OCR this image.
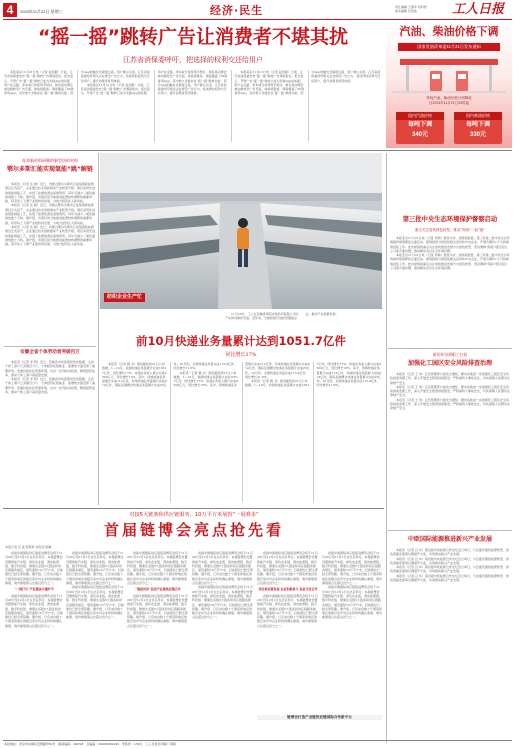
4	2023年11月22日 星期三	经济·民生	责任编辑 王国华 刘钧洲
美术编辑 田浩波	工人日报
“摇一摇”跳转广告让消费者不堪其扰
江苏省消保委呼吁，把选择的权利交还给用户

本报南京11月21日电（记者 赵剑影）日前，江苏省消保委发布“摇一摇”跳转广告调查报告。报告显示，开屏广告“摇一摇”跳转已成为多数App的标配，用户在走路、乘车或日常使用手机时，稍有晃动便会被动跳转至广告页面，体验感极差。调查覆盖了60款常用App，其中绝大多数存在“摇一摇”跳转功能，部分App的触发灵敏度过高，用户难以关闭。江苏省消保委呼吁相关企业规范广告行为，将选择的权利交还给用户，提升消费者使用体验。

本报南京11月21日电（记者 赵剑影）日前，江苏省消保委发布“摇一摇”跳转广告调查报告。报告显示，开屏广告“摇一摇”跳转已成为多数App的标配，用户在走路、乘车或日常使用手机时，稍有晃动便会被动跳转至广告页面，体验感极差。调查覆盖了60款常用App，其中绝大多数存在“摇一摇”跳转功能，部分App的触发灵敏度过高，用户难以关闭。江苏省消保委呼吁相关企业规范广告行为，将选择的权利交还给用户，提升消费者使用体验。

本报南京11月21日电（记者 赵剑影）日前，江苏省消保委发布“摇一摇”跳转广告调查报告。报告显示，开屏广告“摇一摇”跳转已成为多数App的标配，用户在走路、乘车或日常使用手机时，稍有晃动便会被动跳转至广告页面，体验感极差。调查覆盖了60款常用App，其中绝大多数存在“摇一摇”跳转功能，部分App的触发灵敏度过高，用户难以关闭。江苏省消保委呼吁相关企业规范广告行为，将选择的权利交还给用户，提升消费者使用体验。

汽油、柴油价格下调
国家发展改革委11月21日发布通知
每吨汽油、柴油价格分别降低
自2023年11月21日24时起
国内汽油价格
每吨下调
340元
国内柴油价格
每吨下调
330元
苏邦新材料研制的新型纺织材料
鄂尔多斯汇能实现氢能“跳”解链

本报讯（记者 张 晓）近日，内蒙古鄂尔多斯市汇能集团新能源项目正式投产，企业通过技术创新推动产业转型升级。项目采用先进的氢能制备工艺，实现了能源的清洁高效利用，每年可减少二氧化碳排放数十万吨。据介绍，该项目是当地推进能源结构调整的重要举措，将带动上下游产业链协同发展，为地方经济注入新动能。

本报讯（记者 张 晓）近日，内蒙古鄂尔多斯市汇能集团新能源项目正式投产，企业通过技术创新推动产业转型升级。项目采用先进的氢能制备工艺，实现了能源的清洁高效利用，每年可减少二氧化碳排放数十万吨。据介绍，该项目是当地推进能源结构调整的重要举措，将带动上下游产业链协同发展，为地方经济注入新动能。

本报讯（记者 张 晓）近日，内蒙古鄂尔多斯市汇能集团新能源项目正式投产，企业通过技术创新推动产业转型升级。项目采用先进的氢能制备工艺，实现了能源的清洁高效利用，每年可减少二氧化碳排放数十万吨。据介绍，该项目是当地推进能源结构调整的重要举措，将带动上下游产业链协同发展，为地方经济注入新动能。

纺织企业生产忙

11月20日，工人在安徽省阜阳市某纺织有限公司生产车间内操作设备。近年来，当地积极引进纺织服装企业，推动产业集群发展。

第三批中央生态环境保护督察启动
重点关注加快绿色转型、推动“两高”一低“落”

本报北京11月21日电（记者 邹倩）经党中央、国务院批准，第三轮第二批中央生态环境保护督察即将全面启动。督察组将分别进驻相关省份和中央企业，开展为期约1个月的督察进驻工作。此次督察将重点关注加快推进发展方式绿色转型、坚决遏制“两高”项目盲目上马等方面问题，推动解决突出生态环境问题。

本报北京11月21日电（记者 邹倩）经党中央、国务院批准，第三轮第二批中央生态环境保护督察即将全面启动。督察组将分别进驻相关省份和中央企业，开展为期约1个月的督察进驻工作。此次督察将重点关注加快推进发展方式绿色转型、坚决遏制“两高”项目盲目上马等方面问题，推动解决突出生态环境问题。

新的年份到职工打权
加强化工园区安全风险排查治理

本报讯（记者 王 伟）应急管理部日前发出通知，要求各地进一步加强化工园区安全风险排查治理工作，深入开展安全隐患排查整治，严防重特大事故发生，切实保障人民群众生命财产安全。

本报讯（记者 王 伟）应急管理部日前发出通知，要求各地进一步加强化工园区安全风险排查治理工作，深入开展安全隐患排查整治，严防重特大事故发生，切实保障人民群众生命财产安全。

本报讯（记者 王 伟）应急管理部日前发出通知，要求各地进一步加强化工园区安全风险排查治理工作，深入开展安全隐患排查整治，严防重特大事故发生，切实保障人民群众生命财产安全。

安徽全省个体劳动者突破百万

本报讯（记者 李 明）近日，安徽省市场监管局发布数据，全省个体工商户已突破百万户，个体经济在稳就业、促增收方面发挥了重要作用。安徽持续优化营商环境，出台一系列扶持政策，降低经营成本，推动个体工商户高质量发展。

本报讯（记者 李 明）近日，安徽省市场监管局发布数据，全省个体工商户已突破百万户，个体经济在稳就业、促增收方面发挥了重要作用。安徽持续优化营商环境，出台一系列扶持政策，降低经营成本，推动个体工商户高质量发展。

前10月快递业务量累计达到1051.7亿件
同比增长17%

本报讯（记者 赖 书）国家邮政局21日公布数据，1—10月，我国快递业务量累计完成1051.7亿件，同比增长17%；快递业务收入累计完成9500亿元，同比增长13%。其中，同城快递业务量累计完成112亿件，异地快递业务量累计完成914亿件，国际及港澳台快递业务量累计完成25亿件。10月份，全国快递业务量完成113.4亿件，同比增长21.8%。

本报讯（记者 赖 书）国家邮政局21日公布数据，1—10月，我国快递业务量累计完成1051.7亿件，同比增长17%；快递业务收入累计完成9500亿元，同比增长13%。其中，同城快递业务量累计完成112亿件，异地快递业务量累计完成914亿件，国际及港澳台快递业务量累计完成25亿件。10月份，全国快递业务量完成113.4亿件，同比增长21.8%。

本报讯（记者 赖 书）国家邮政局21日公布数据，1—10月，我国快递业务量累计完成1051.7亿件，同比增长17%；快递业务收入累计完成9500亿元，同比增长13%。其中，同城快递业务量累计完成112亿件，异地快递业务量累计完成914亿件，国际及港澳台快递业务量累计完成25亿件。10月份，全国快递业务量完成113.4亿件，同比增长21.8%。

对接5大链条和供应链服务，10万平方米展馆“一展难求”
首届链博会亮点抢先看
本报记者 甘 凌 郑莉莉 刘亮亮 陈琳

首届中国国际供应链促进博览会将于11月28日至12月2日在北京举行。本届链博会设置智能汽车链、绿色农业链、清洁能源链、数字科技链、健康生活链5大链条和供应链服务展区，展览面积10万平方米，目前展位已经全部售罄。据介绍，已有来自数十个国家和地区的数百家中外企业和机构确认参展，境外参展商占比超过四分之一。

“一网打尽”产业链条关键环节

首届中国国际供应链促进博览会将于11月28日至12月2日在北京举行。本届链博会设置智能汽车链、绿色农业链、清洁能源链、数字科技链、健康生活链5大链条和供应链服务展区，展览面积10万平方米，目前展位已经全部售罄。据介绍，已有来自数十个国家和地区的数百家中外企业和机构确认参展，境外参展商占比超过四分之一。

首届中国国际供应链促进博览会将于11月28日至12月2日在北京举行。本届链博会设置智能汽车链、绿色农业链、清洁能源链、数字科技链、健康生活链5大链条和供应链服务展区，展览面积10万平方米，目前展位已经全部售罄。据介绍，已有来自数十个国家和地区的数百家中外企业和机构确认参展，境外参展商占比超过四分之一。

首届中国国际供应链促进博览会将于11月28日至12月2日在北京举行。本届链博会设置智能汽车链、绿色农业链、清洁能源链、数字科技链、健康生活链5大链条和供应链服务展区，展览面积10万平方米，目前展位已经全部售罄。据介绍，已有来自数十个国家和地区的数百家中外企业和机构确认参展，境外参展商占比超过四分之一。

首届中国国际供应链促进博览会将于11月28日至12月2日在北京举行。本届链博会设置智能汽车链、绿色农业链、清洁能源链、数字科技链、健康生活链5大链条和供应链服务展区，展览面积10万平方米，目前展位已经全部售罄。据介绍，已有来自数十个国家和地区的数百家中外企业和机构确认参展，境外参展商占比超过四分之一。

“链接世界”促进产业链供应链合作

首届中国国际供应链促进博览会将于11月28日至12月2日在北京举行。本届链博会设置智能汽车链、绿色农业链、清洁能源链、数字科技链、健康生活链5大链条和供应链服务展区，展览面积10万平方米，目前展位已经全部售罄。据介绍，已有来自数十个国家和地区的数百家中外企业和机构确认参展，境外参展商占比超过四分之一。

首届中国国际供应链促进博览会将于11月28日至12月2日在北京举行。本届链博会设置智能汽车链、绿色农业链、清洁能源链、数字科技链、健康生活链5大链条和供应链服务展区，展览面积10万平方米，目前展位已经全部售罄。据介绍，已有来自数十个国家和地区的数百家中外企业和机构确认参展，境外参展商占比超过四分之一。

首届中国国际供应链促进博览会将于11月28日至12月2日在北京举行。本届链博会设置智能汽车链、绿色农业链、清洁能源链、数字科技链、健康生活链5大链条和供应链服务展区，展览面积10万平方米，目前展位已经全部售罄。据介绍，已有来自数十个国家和地区的数百家中外企业和机构确认参展，境外参展商占比超过四分之一。

首届中国国际供应链促进博览会将于11月28日至12月2日在北京举行。本届链博会设置智能汽车链、绿色农业链、清洁能源链、数字科技链、健康生活链5大链条和供应链服务展区，展览面积10万平方米，目前展位已经全部售罄。据介绍，已有来自数十个国家和地区的数百家中外企业和机构确认参展，境外参展商占比超过四分之一。

深化供应链发展 企业积极参与 促进开放合作

首届中国国际供应链促进博览会将于11月28日至12月2日在北京举行。本届链博会设置智能汽车链、绿色农业链、清洁能源链、数字科技链、健康生活链5大链条和供应链服务展区，展览面积10万平方米，目前展位已经全部售罄。据介绍，已有来自数十个国家和地区的数百家中外企业和机构确认参展，境外参展商占比超过四分之一。

首届中国国际供应链促进博览会将于11月28日至12月2日在北京举行。本届链博会设置智能汽车链、绿色农业链、清洁能源链、数字科技链、健康生活链5大链条和供应链服务展区，展览面积10万平方米，目前展位已经全部售罄。据介绍，已有来自数十个国家和地区的数百家中外企业和机构确认参展，境外参展商占比超过四分之一。

首届中国国际供应链促进博览会将于11月28日至12月2日在北京举行。本届链博会设置智能汽车链、绿色农业链、清洁能源链、数字科技链、健康生活链5大链条和供应链服务展区，展览面积10万平方米，目前展位已经全部售罄。据介绍，已有来自数十个国家和地区的数百家中外企业和机构确认参展，境外参展商占比超过四分之一。

链博会打造产业链供应链国际合作新平台
中欧国际能源推进新兴产业发展

本报讯（记者 吕 华）第四届中欧能源合作论坛近日举行，与会嘉宾围绕能源转型、绿色低碳发展等议题展开交流，共同推动新兴产业发展。

本报讯（记者 吕 华）第四届中欧能源合作论坛近日举行，与会嘉宾围绕能源转型、绿色低碳发展等议题展开交流，共同推动新兴产业发展。

本报讯（记者 吕 华）第四届中欧能源合作论坛近日举行，与会嘉宾围绕能源转型、绿色低碳发展等议题展开交流，共同推动新兴产业发展。

本报讯（记者 吕 华）第四届中欧能源合作论坛近日举行，与会嘉宾围绕能源转型、绿色低碳发展等议题展开交流，共同推动新兴产业发展。

本报地址：北京市东城区安德路甲61号　邮政编码：100718　总编室：(010)84151234　零售价：1.50元　工人日报社印刷厂印刷
